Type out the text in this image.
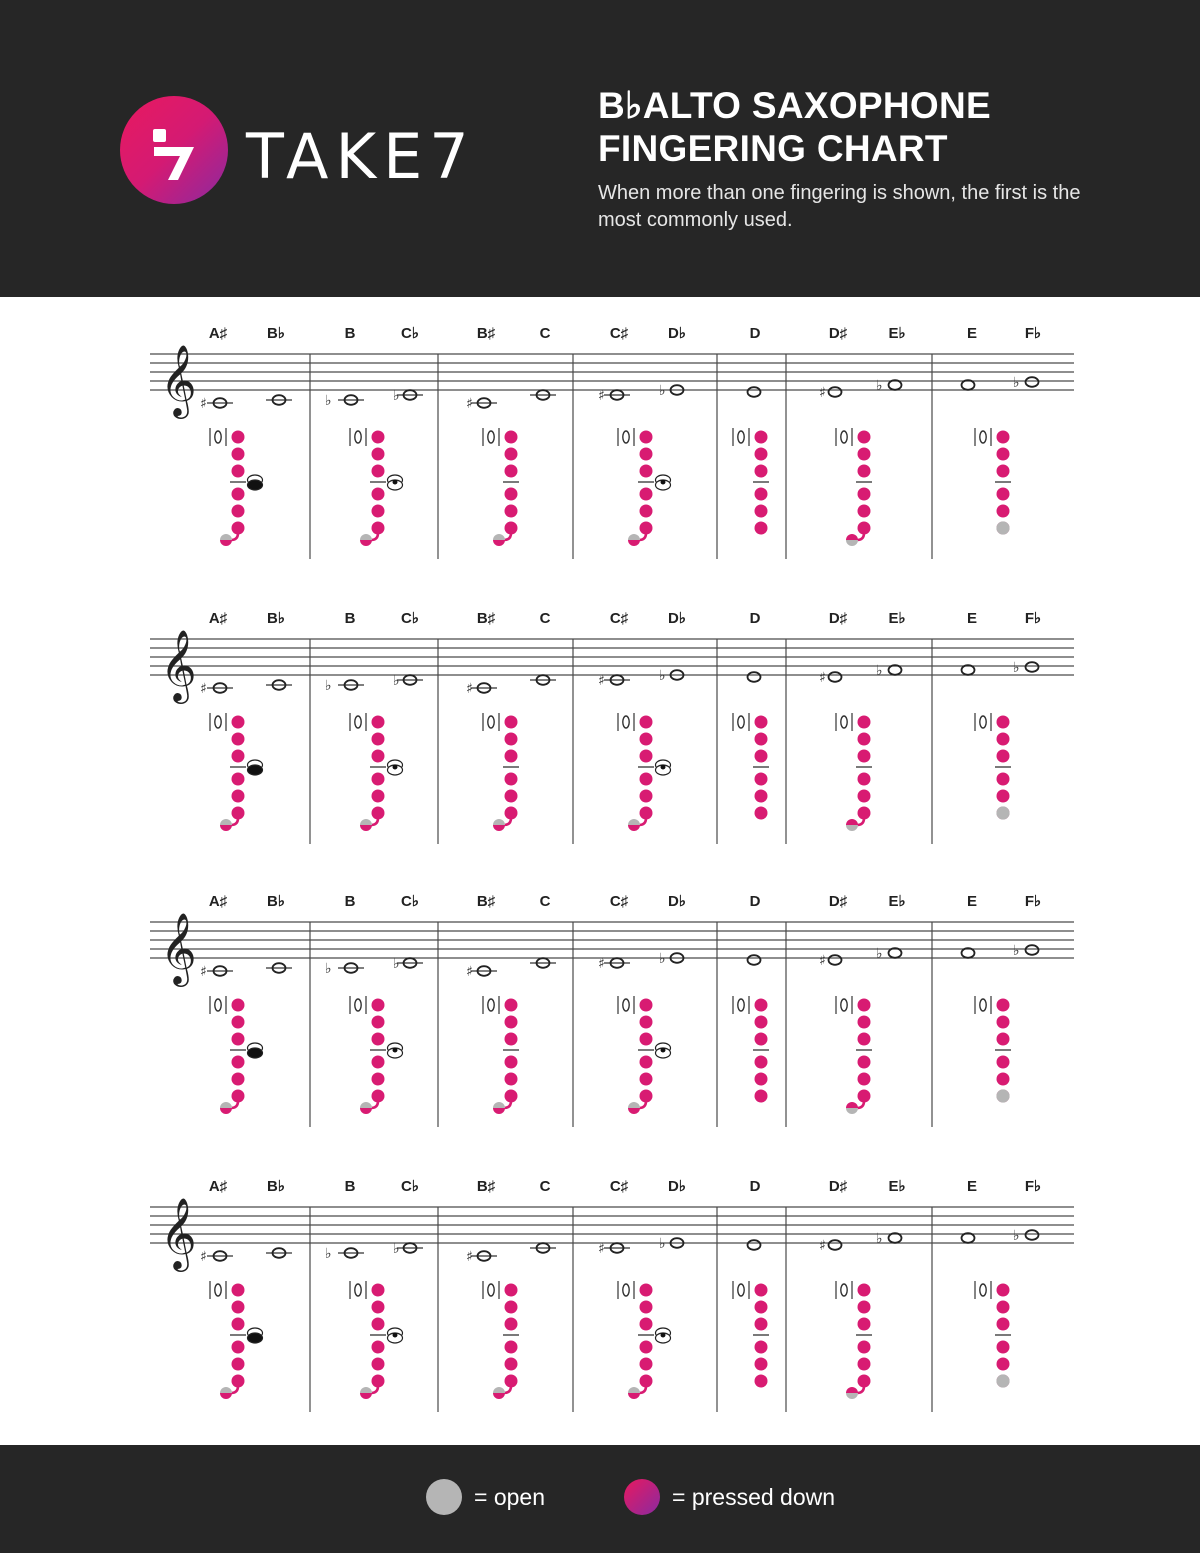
TAKE7
B♭ALTO SAXOPHONE
FINGERING CHART
When more than one fingering is shown, the first is the most commonly used.
A♯	B♭	B	C♭	B♯	C	C♯	D♭	D	D♯	E♭	E	F♭
𝄞 ♯	♭	♭	♯	♯	♭	♯	♭	♭
A♯	B♭	B	C♭	B♯	C	C♯	D♭	D	D♯	E♭	E	F♭
𝄞 ♯	♭	♭	♯	♯	♭	♯	♭	♭
A♯	B♭	B	C♭	B♯	C	C♯	D♭	D	D♯	E♭	E	F♭
𝄞 ♯	♭	♭	♯	♯	♭	♯	♭	♭
A♯	B♭	B	C♭	B♯	C	C♯	D♭	D	D♯	E♭	E	F♭
𝄞 ♯	♭	♭	♯	♯	♭	♯	♭	♭
= open	= pressed down
